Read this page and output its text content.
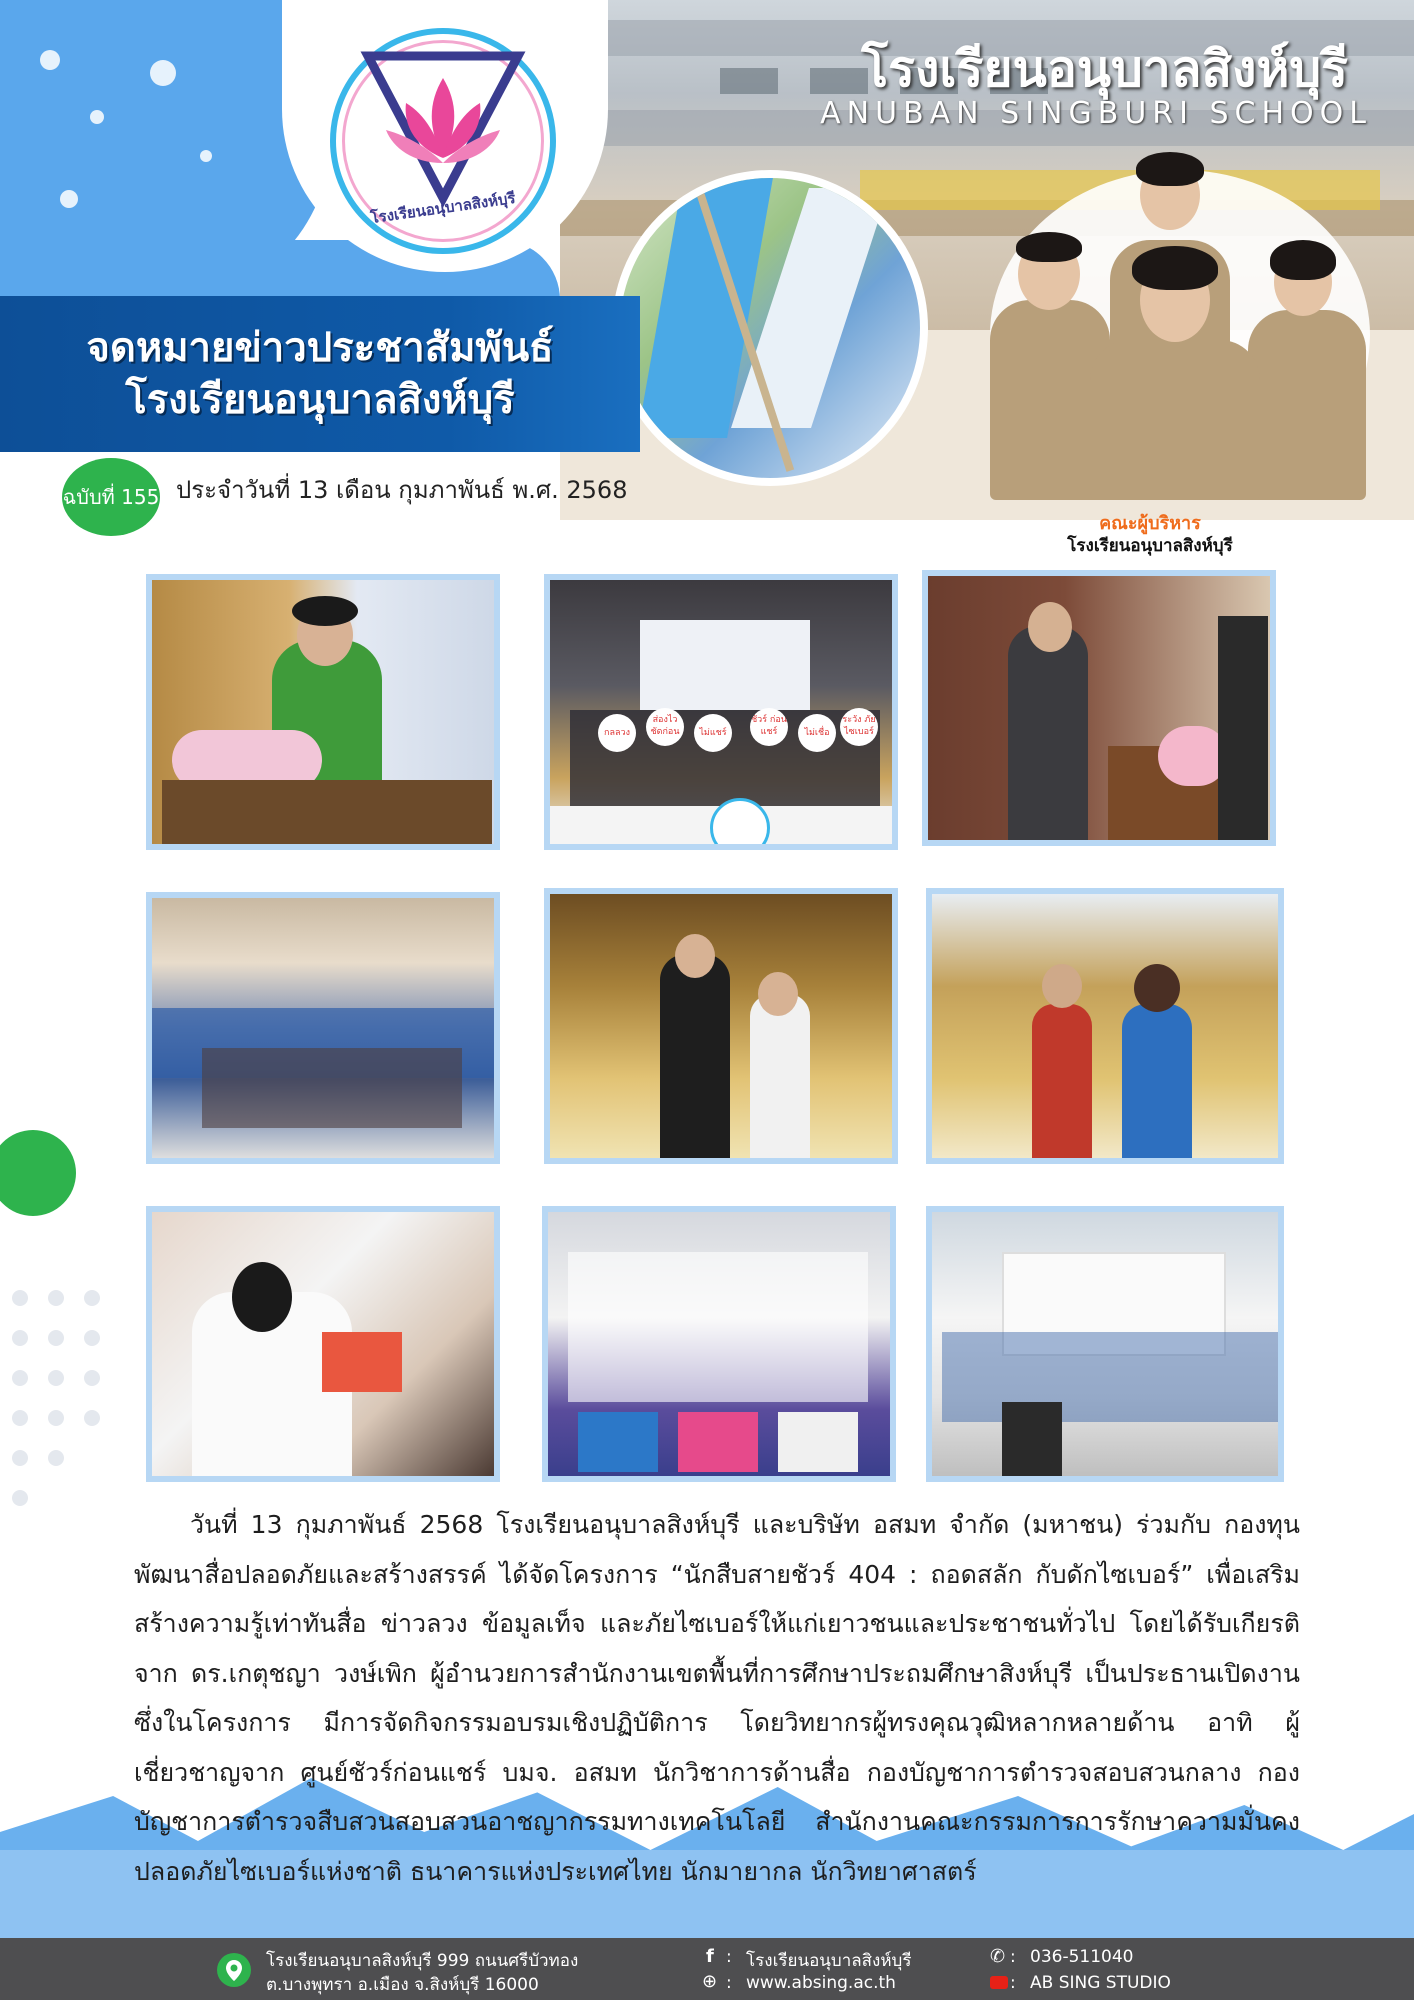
โรงเรียนอนุบาลสิงห์บุรี
ANUBAN SINGBURI SCHOOL
โรงเรียนอนุบาลสิงห์บุรี
จดหมายข่าวประชาสัมพันธ์
โรงเรียนอนุบาลสิงห์บุรี
ฉบับที่ 155 ประจำวันที่ 13 เดือน กุมภาพันธ์ พ.ศ. 2568
คณะผู้บริหาร
โรงเรียนอนุบาลสิงห์บุรี
กลลวง
ส่องไว ชัดก่อน	ไม่แชร์
ชัวร์ ก่อนแชร์	ไม่เชื่อ
ระวัง ภัยไซเบอร์
วันที่ 13 กุมภาพันธ์ 2568 โรงเรียนอนุบาลสิงห์บุรี และบริษัท อสมท จำกัด (มหาชน) ร่วมกับ กองทุนพัฒนาสื่อปลอดภัยและสร้างสรรค์ ได้จัดโครงการ “นักสืบสายชัวร์ 404 : ถอดสลัก กับดักไซเบอร์” เพื่อเสริมสร้างความรู้เท่าทันสื่อ ข่าวลวง ข้อมูลเท็จ และภัยไซเบอร์ให้แก่เยาวชนและประชาชนทั่วไป โดยได้รับเกียรติจาก ดร.เกตุชญา วงษ์เพิก ผู้อำนวยการสำนักงานเขตพื้นที่การศึกษาประถมศึกษาสิงห์บุรี เป็นประธานเปิดงาน ซึ่งในโครงการ มีการจัดกิจกรรมอบรมเชิงปฏิบัติการ โดยวิทยากรผู้ทรงคุณวุฒิหลากหลายด้าน อาทิ ผู้เชี่ยวชาญจาก ศูนย์ชัวร์ก่อนแชร์ บมจ. อสมท นักวิชาการด้านสื่อ กองบัญชาการตำรวจสอบสวนกลาง กองบัญชาการตำรวจสืบสวนสอบสวนอาชญากรรมทางเทคโนโลยี สำนักงานคณะกรรมการการรักษาความมั่นคงปลอดภัยไซเบอร์แห่งชาติ ธนาคารแห่งประเทศไทย นักมายากล นักวิทยาศาสตร์
โรงเรียนอนุบาลสิงห์บุรี 999 ถนนศรีบัวทอง
ต.บางพุทรา อ.เมือง จ.สิงห์บุรี 16000
f : โรงเรียนอนุบาลสิงห์บุรี
⊕ : www.absing.ac.th
✆ : 036-511040
: AB SING STUDIO
